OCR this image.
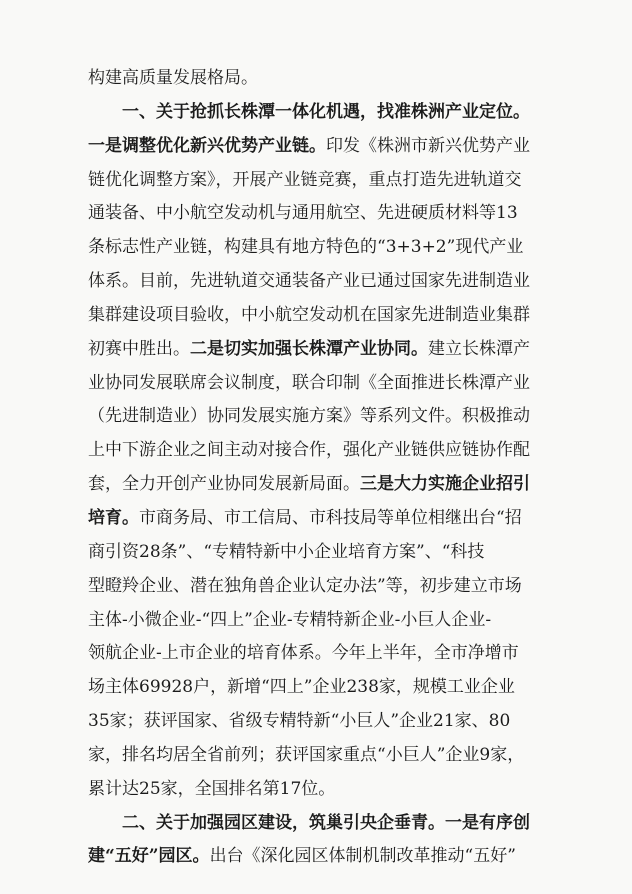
构建高质量发展格局。
一、关于抢抓长株潭一体化机遇，找准株洲产业定位。
一是调整优化新兴优势产业链。印发《株洲市新兴优势产业
链优化调整方案》，开展产业链竞赛，重点打造先进轨道交
通装备、中小航空发动机与通用航空、先进硬质材料等13
条标志性产业链，构建具有地方特色的“3+3+2”现代产业
体系。目前，先进轨道交通装备产业已通过国家先进制造业
集群建设项目验收，中小航空发动机在国家先进制造业集群
初赛中胜出。二是切实加强长株潭产业协同。建立长株潭产
业协同发展联席会议制度，联合印制《全面推进长株潭产业
（先进制造业）协同发展实施方案》等系列文件。积极推动
上中下游企业之间主动对接合作，强化产业链供应链协作配
套，全力开创产业协同发展新局面。三是大力实施企业招引
培育。市商务局、市工信局、市科技局等单位相继出台“招
商引资28条”、“专精特新中小企业培育方案”、“科技
型瞪羚企业、潜在独角兽企业认定办法”等，初步建立市场
主体-小微企业-“四上”企业-专精特新企业-小巨人企业-
领航企业-上市企业的培育体系。今年上半年，全市净增市
场主体69928户，新增“四上”企业238家，规模工业企业
35家；获评国家、省级专精特新“小巨人”企业21家、80
家，排名均居全省前列；获评国家重点“小巨人”企业9家，
累计达25家，全国排名第17位。
二、关于加强园区建设，筑巢引央企垂青。一是有序创
建“五好”园区。出台《深化园区体制机制改革推动“五好”
